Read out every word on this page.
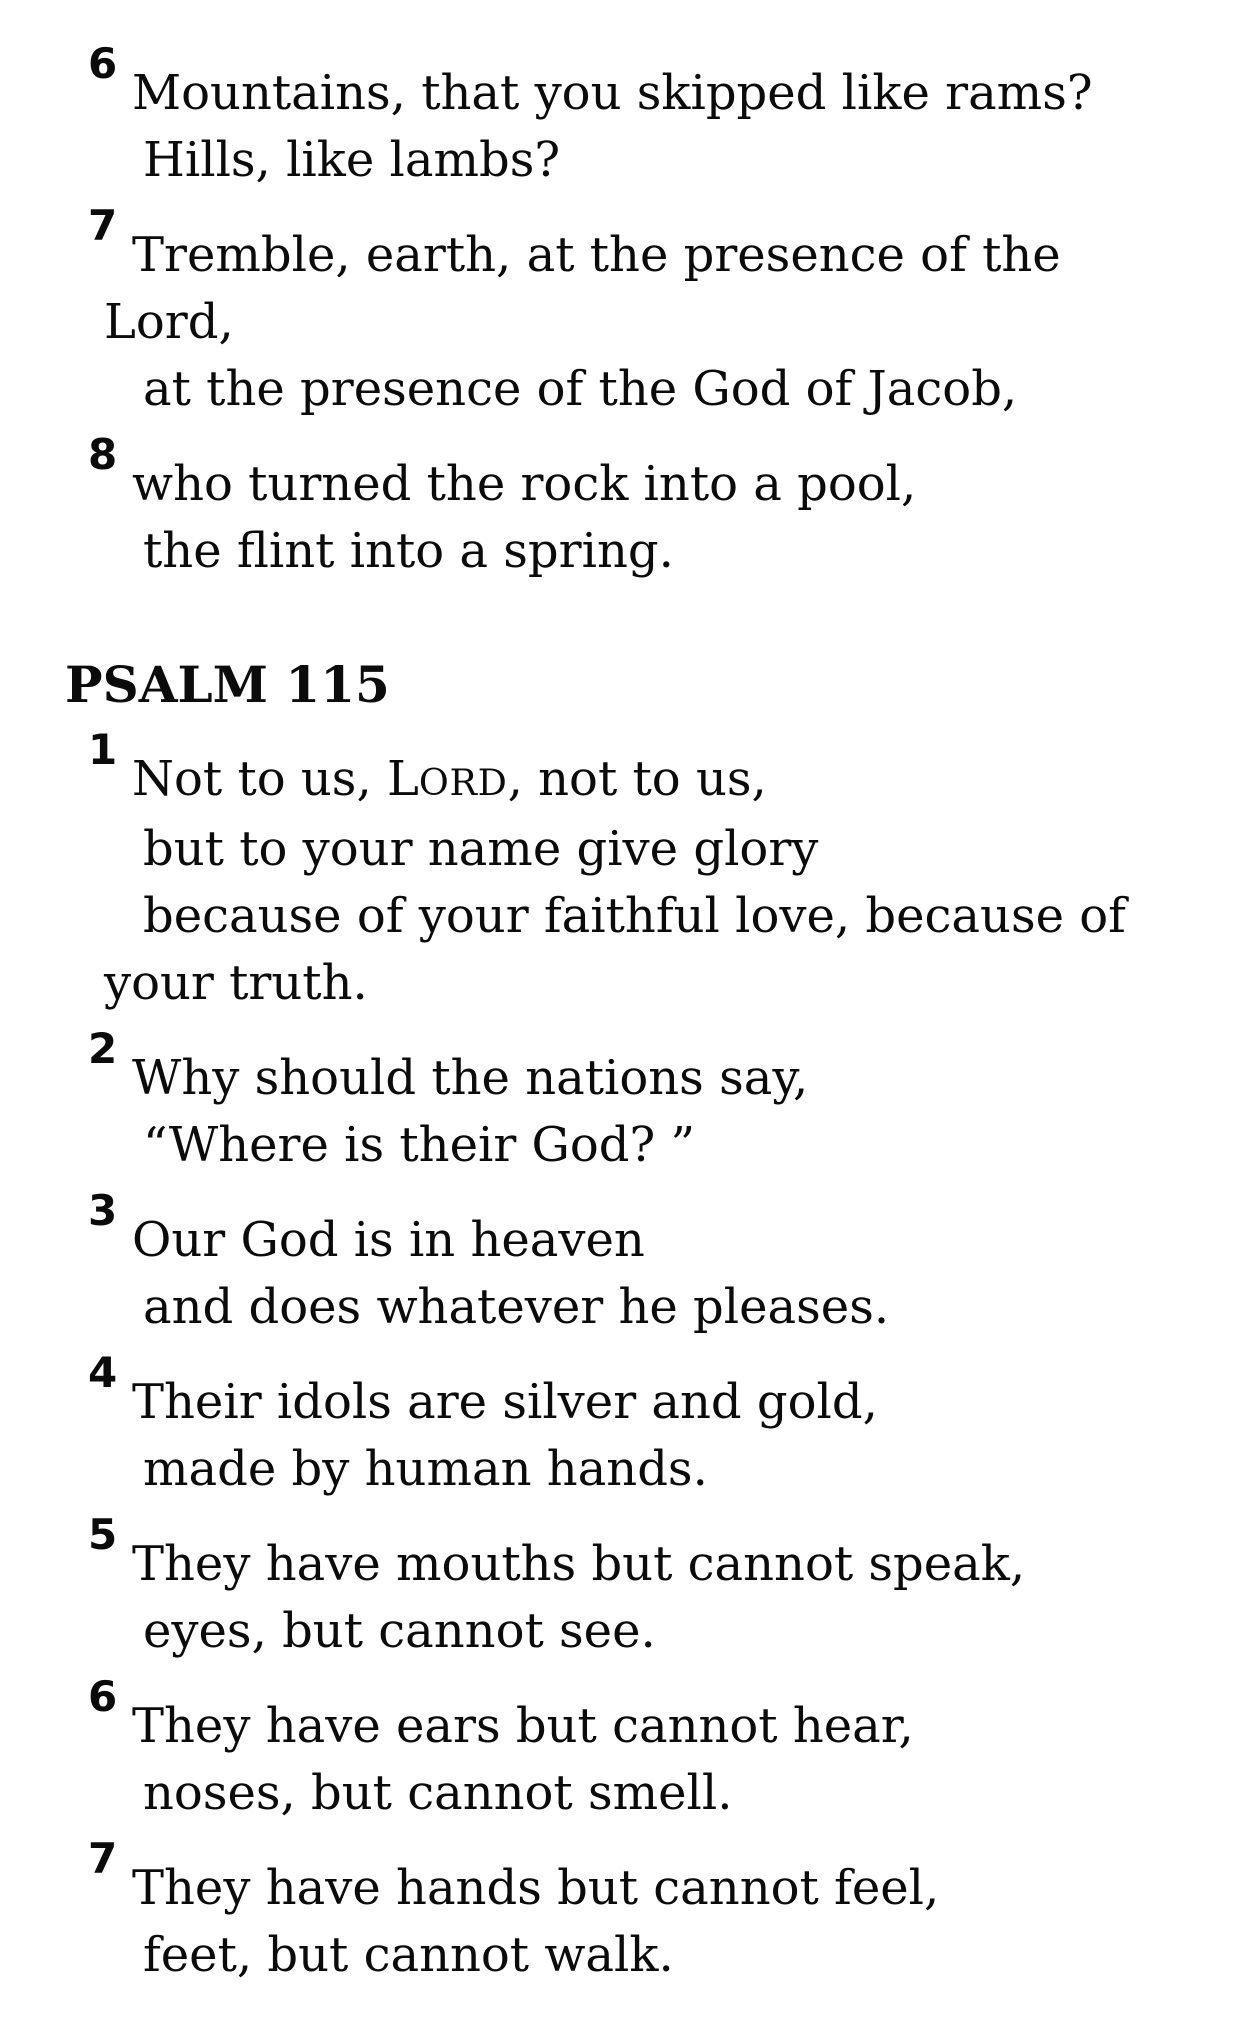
6Mountains, that you skipped like rams?

Hills, like lambs?

7Tremble, earth, at the presence of the

Lord,

at the presence of the God of Jacob,

8who turned the rock into a pool,

the flint into a spring.

PSALM 115

1Not to us, LORD, not to us,

but to your name give glory

because of your faithful love, because of

your truth.

2Why should the nations say,

“Where is their God? ”

3Our God is in heaven

and does whatever he pleases.

4Their idols are silver and gold,

made by human hands.

5They have mouths but cannot speak,

eyes, but cannot see.

6They have ears but cannot hear,

noses, but cannot smell.

7They have hands but cannot feel,

feet, but cannot walk.
